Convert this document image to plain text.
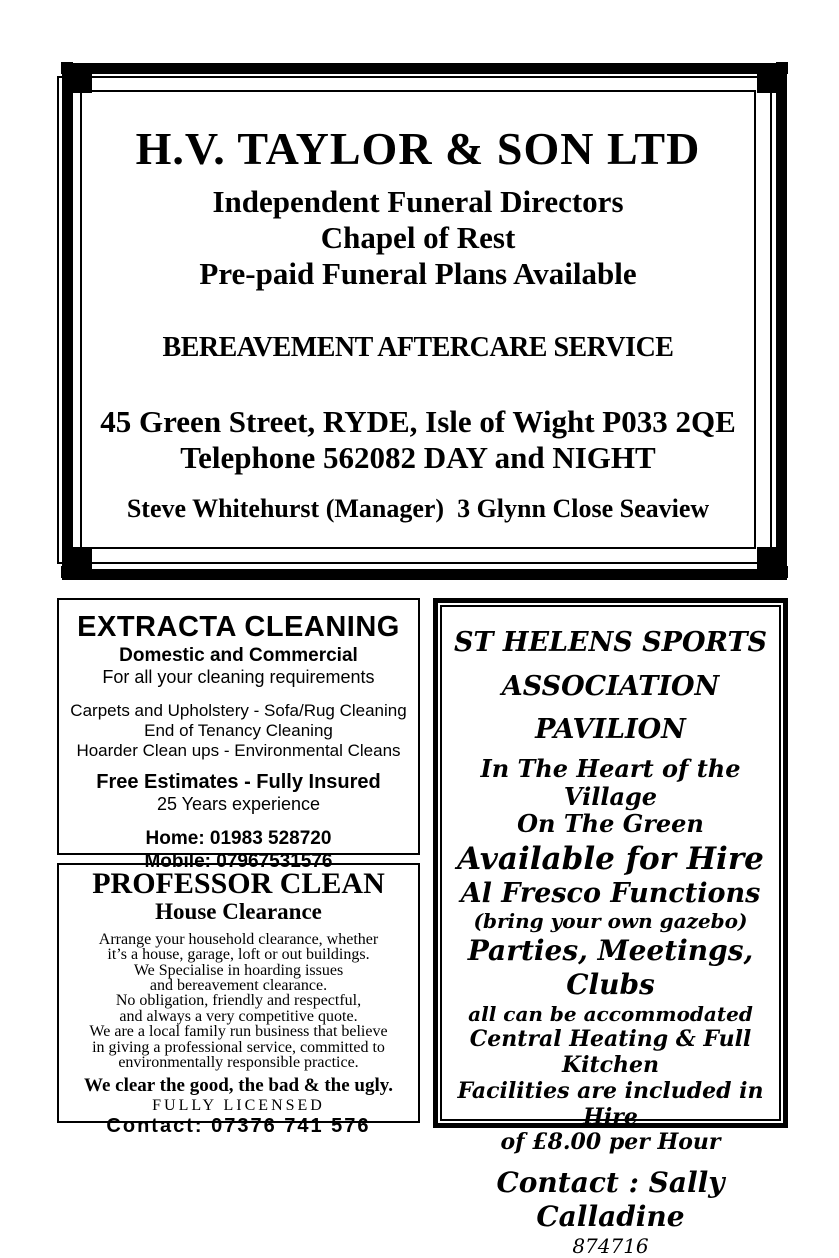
H.V. TAYLOR & SON LTD
Independent Funeral Directors
Chapel of Rest
Pre-paid Funeral Plans Available
BEREAVEMENT AFTERCARE SERVICE
45 Green Street, RYDE, Isle of Wight P033 2QE
Telephone 562082 DAY and NIGHT
Steve Whitehurst (Manager)  3 Glynn Close Seaview
EXTRACTA CLEANING
Domestic and Commercial
For all your cleaning requirements
Carpets and Upholstery - Sofa/Rug Cleaning
End of Tenancy Cleaning
Hoarder Clean ups - Environmental Cleans
Free Estimates - Fully Insured
25 Years experience
Home: 01983 528720
Mobile: 07967531576
PROFESSOR CLEAN
House Clearance
Arrange your household clearance, whether
it’s a house, garage, loft or out buildings.
We Specialise in hoarding issues
and bereavement clearance.
No obligation, friendly and respectful,
and always a very competitive quote.
We are a local family run business that believe
in giving a professional service, committed to
environmentally responsible practice.
We clear the good, the bad & the ugly.
FULLY LICENSED
Contact: 07376 741 576
ST HELENS SPORTS
ASSOCIATION
PAVILION
In The Heart of the Village
On The Green
Available for Hire
Al Fresco Functions
(bring your own gazebo)
Parties, Meetings, Clubs
all can be accommodated
Central Heating & Full Kitchen
Facilities are included in Hire
of £8.00 per Hour
Contact : Sally Calladine
874716
